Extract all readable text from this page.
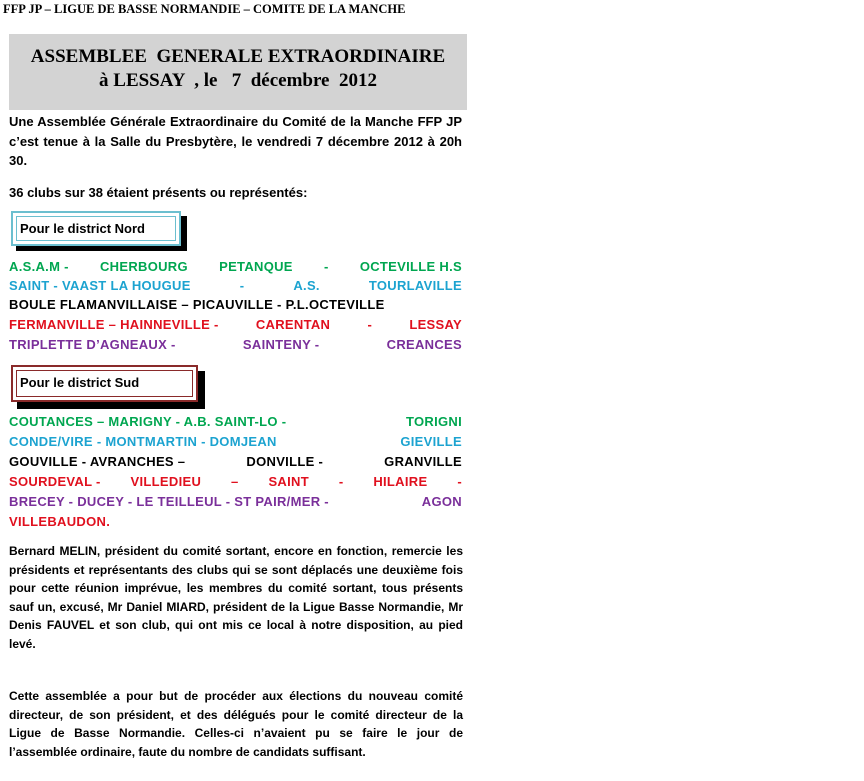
FFP JP – LIGUE DE BASSE NORMANDIE – COMITE DE LA MANCHE
ASSEMBLEE  GENERALE EXTRAORDINAIRE
à LESSAY  , le   7  décembre  2012
Une Assemblée Générale Extraordinaire du Comité de la Manche FFP JP c’est tenue à la Salle du Presbytère, le vendredi 7 décembre 2012 à 20h 30.
36 clubs sur 38 étaient présents ou représentés:
Pour le district Nord
A.S.A.M - CHERBOURG PETANQUE - OCTEVILLE H.S
SAINT - VAAST LA HOUGUE	-	A.S.	TOURLAVILLE
BOULE FLAMANVILLAISE – PICAUVILLE - P.L.OCTEVILLE
FERMANVILLE – HAINNEVILLE -	CARENTAN	-	LESSAY
TRIPLETTE D’AGNEAUX -	SAINTENY -	CREANCES
Pour le district Sud
COUTANCES – MARIGNY - A.B. SAINT-LO -	TORIGNI
CONDE/VIRE - MONTMARTIN - DOMJEAN	GIEVILLE
GOUVILLE - AVRANCHES –	DONVILLE -	GRANVILLE
SOURDEVAL - VILLEDIEU – SAINT - HILAIRE -
BRECEY - DUCEY - LE TEILLEUL - ST PAIR/MER -	AGON
VILLEBAUDON.
Bernard MELIN, président du comité sortant, encore en fonction, remercie les présidents et représentants des clubs qui se sont déplacés une deuxième fois pour cette réunion imprévue, les membres du comité sortant, tous présents sauf un, excusé, Mr Daniel MIARD, président de la Ligue Basse Normandie, Mr Denis FAUVEL et son club, qui ont mis ce local à notre disposition, au pied levé.
Cette assemblée a pour but de procéder aux élections du nouveau comité directeur, de son président, et des délégués pour le comité directeur de la Ligue de Basse Normandie. Celles-ci n’avaient pu se faire le jour de l’assemblée ordinaire, faute du nombre de candidats suffisant.
